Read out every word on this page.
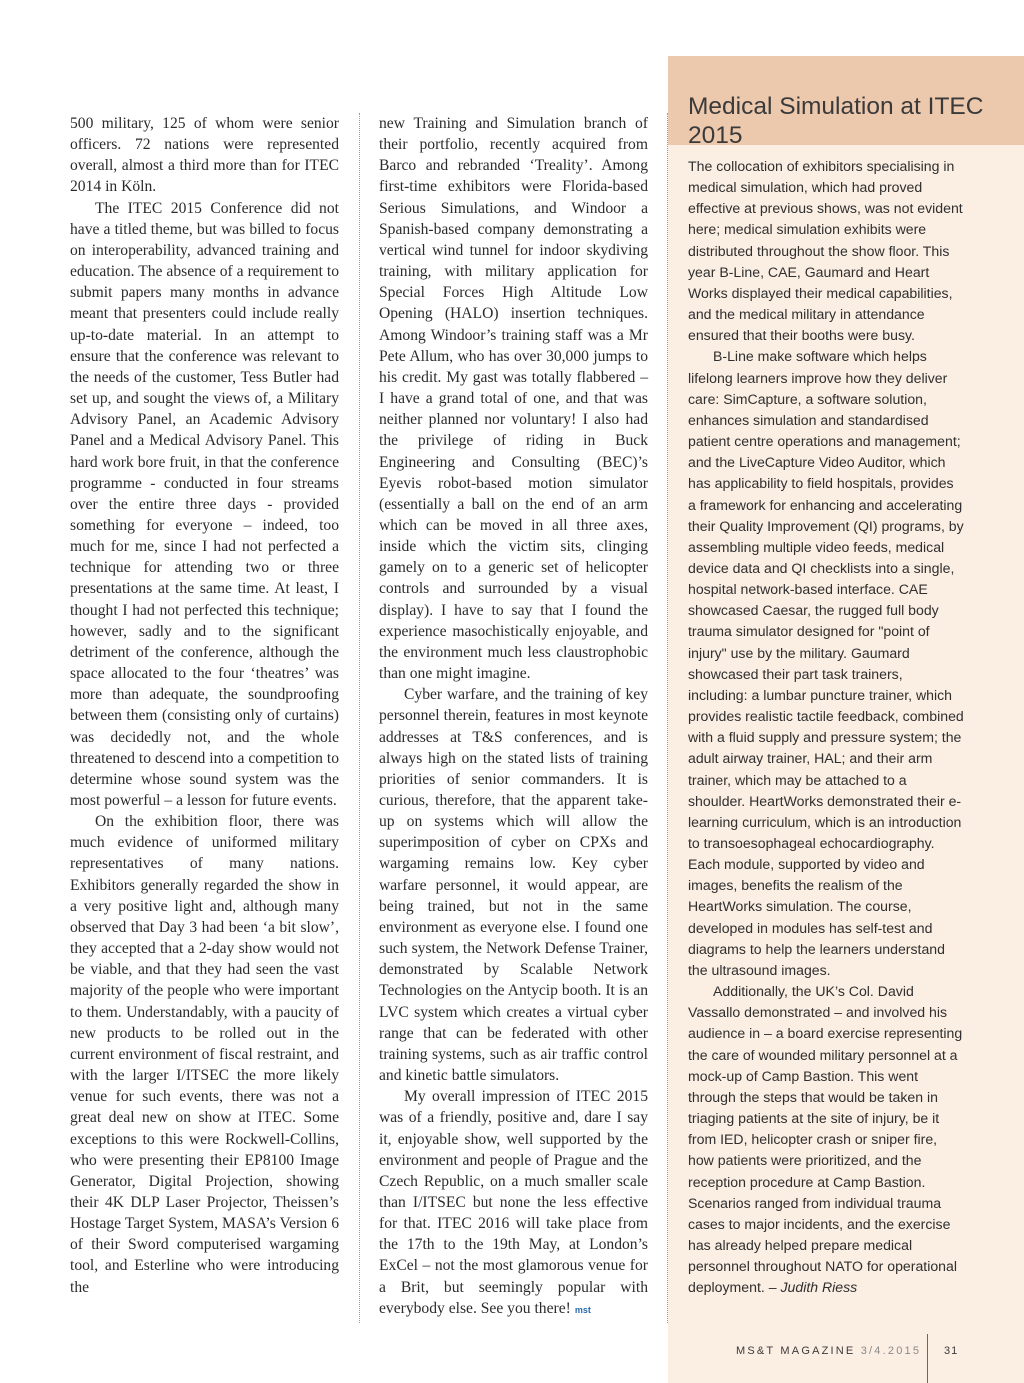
500 military, 125 of whom were senior officers. 72 nations were represented overall, almost a third more than for ITEC 2014 in Köln.

The ITEC 2015 Conference did not have a titled theme, but was billed to focus on interoperability, advanced training and education. The absence of a requirement to submit papers many months in advance meant that presenters could include really up-to-date material. In an attempt to ensure that the conference was relevant to the needs of the customer, Tess Butler had set up, and sought the views of, a Military Advisory Panel, an Academic Advisory Panel and a Medical Advisory Panel. This hard work bore fruit, in that the conference programme - conducted in four streams over the entire three days - provided something for everyone – indeed, too much for me, since I had not perfected a technique for attending two or three presentations at the same time. At least, I thought I had not perfected this technique; however, sadly and to the significant detriment of the conference, although the space allocated to the four ‘theatres’ was more than adequate, the soundproofing between them (consisting only of curtains) was decidedly not, and the whole threatened to descend into a competition to determine whose sound system was the most powerful – a lesson for future events.

On the exhibition floor, there was much evidence of uniformed military representatives of many nations. Exhibitors generally regarded the show in a very positive light and, although many observed that Day 3 had been ‘a bit slow’, they accepted that a 2-day show would not be viable, and that they had seen the vast majority of the people who were important to them. Understandably, with a paucity of new products to be rolled out in the current environment of fiscal restraint, and with the larger I/ITSEC the more likely venue for such events, there was not a great deal new on show at ITEC. Some exceptions to this were Rockwell-Collins, who were presenting their EP8100 Image Generator, Digital Projection, showing their 4K DLP Laser Projector, Theissen’s Hostage Target System, MASA’s Version 6 of their Sword computerised wargaming tool, and Esterline who were introducing the

new Training and Simulation branch of their portfolio, recently acquired from Barco and rebranded ‘Treality’. Among first-time exhibitors were Florida-based Serious Simulations, and Windoor a Spanish-based company demonstrating a vertical wind tunnel for indoor skydiving training, with military application for Special Forces High Altitude Low Opening (HALO) insertion techniques. Among Windoor’s training staff was a Mr Pete Allum, who has over 30,000 jumps to his credit. My gast was totally flabbered – I have a grand total of one, and that was neither planned nor voluntary! I also had the privilege of riding in Buck Engineering and Consulting (BEC)’s Eyevis robot-based motion simulator (essentially a ball on the end of an arm which can be moved in all three axes, inside which the victim sits, clinging gamely on to a generic set of helicopter controls and surrounded by a visual display). I have to say that I found the experience masochistically enjoyable, and the environment much less claustrophobic than one might imagine.

Cyber warfare, and the training of key personnel therein, features in most keynote addresses at T&S conferences, and is always high on the stated lists of training priorities of senior commanders. It is curious, therefore, that the apparent take-up on systems which will allow the superimposition of cyber on CPXs and wargaming remains low. Key cyber warfare personnel, it would appear, are being trained, but not in the same environment as everyone else. I found one such system, the Network Defense Trainer, demonstrated by Scalable Network Technologies on the Antycip booth. It is an LVC system which creates a virtual cyber range that can be federated with other training systems, such as air traffic control and kinetic battle simulators.

My overall impression of ITEC 2015 was of a friendly, positive and, dare I say it, enjoyable show, well supported by the environment and people of Prague and the Czech Republic, on a much smaller scale than I/ITSEC but none the less effective for that. ITEC 2016 will take place from the 17th to the 19th May, at London’s ExCel – not the most glamorous venue for a Brit, but seemingly popular with everybody else. See you there! mst

Medical Simulation at ITEC 2015

The collocation of exhibitors specialising in medical simulation, which had proved effective at previous shows, was not evident here; medical simulation exhibits were distributed throughout the show floor. This year B-Line, CAE, Gaumard and Heart Works displayed their medical capabilities, and the medical military in attendance ensured that their booths were busy.

B-Line make software which helps lifelong learners improve how they deliver care: SimCapture, a software solution, enhances simulation and standardised patient centre operations and management; and the LiveCapture Video Auditor, which has applicability to field hospitals, provides a framework for enhancing and accelerating their Quality Improvement (QI) programs, by assembling multiple video feeds, medical device data and QI checklists into a single, hospital network-based interface. CAE showcased Caesar, the rugged full body trauma simulator designed for "point of injury" use by the military. Gaumard showcased their part task trainers, including: a lumbar puncture trainer, which provides realistic tactile feedback, combined with a fluid supply and pressure system; the adult airway trainer, HAL; and their arm trainer, which may be attached to a shoulder. HeartWorks demonstrated their e-learning curriculum, which is an introduction to transoesophageal echocardiography. Each module, supported by video and images, benefits the realism of the HeartWorks simulation. The course, developed in modules has self-test and diagrams to help the learners understand the ultrasound images.

Additionally, the UK’s Col. David Vassallo demonstrated – and involved his audience in – a board exercise representing the care of wounded military personnel at a mock-up of Camp Bastion. This went through the steps that would be taken in triaging patients at the site of injury, be it from IED, helicopter crash or sniper fire, how patients were prioritized, and the reception procedure at Camp Bastion. Scenarios ranged from individual trauma cases to major incidents, and the exercise has already helped prepare medical personnel throughout NATO for operational deployment. – Judith Riess

MS&T MAGAZINE 3/4.2015 31
